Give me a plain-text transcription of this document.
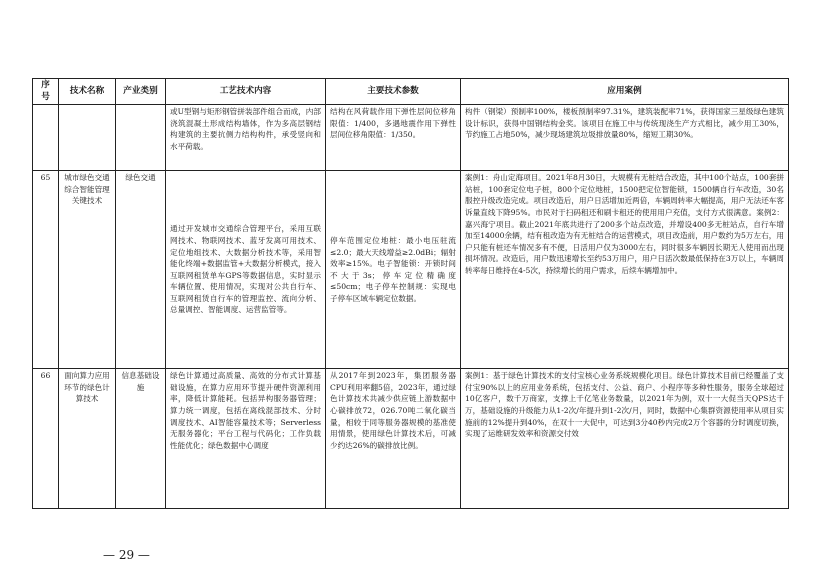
序号	技术名称	产业类别	工艺技术内容	主要技术参数	应用案例
			或U型钢与矩形钢管拼装部件组合而成，内部浇筑混凝土形成结构墙体，作为多高层钢结构建筑的主要抗侧力结构构件，承受竖向和水平荷载。	结构在风荷载作用下弹性层间位移角限值：1/400，多遇地震作用下弹性层间位移角限值：1/350。	构件（钢梁）预制率100%，楼板预制率97.31%，建筑装配率71%，获得国家三星级绿色建筑设计标识，获得中国钢结构金奖。该项目在施工中与传统现浇生产方式相比，减少用工30%，节约施工占地50%，减少现场建筑垃圾排放量80%，缩短工期30%。
65	城市绿色交通综合智能管理关键技术	绿色交通	通过开发城市交通综合管理平台，采用互联网技术、物联网技术、蓝牙发离可用技术、定位地组技术、大数据分析技术等，采用智能化终端+数据监管+大数据分析模式，接入互联网租赁单车GPS等数据信息，实时显示车辆位置、使用情况，实现对公共自行车、互联网租赁自行车的管理监控、流向分析、总量调控、智能调度、运营监管等。	停车范围定位地桩：最小电压驻流≤2.0；最大天线增益≥2.0dBi；辐射效率≥15%。电子智能锁：开锁时间不大于3s；停车定位精确度≤50cm；电子停车控制规：实现电子停车区域车辆定位数据。	案例1：舟山定海项目。2021年8月30日，大规模有无桩结合改造，其中100个站点，100套拼站桩，100套定位电子桩，800个定位地桩，1500把定位智能锁，1500辆自行车改造，30名服控升级改造完成。项目改造后，用户日活增加近两倍，车辆周转率大幅提高，用户无法还车客诉量直线下降95%。市民对于扫码租还和刷卡租还的使用用户充值，支付方式很满意。案例2：嘉兴海宁项目。截止2021年底共进行了200多个站点改造，并增设400多无桩站点，自行车增加至14000余辆，结有租改造为有无桩结合的运营模式，项目改造前，用户数约为5万左右，用户只能有桩还车情况多有不便，日活用户仅为3000左右，同时很多车辆因长期无人使用而出现损坏情况。改造后，用户数迅速增长至约53万用户，用户日活次数最低保持在3万以上，车辆周转率每日维持在4-5次，持续增长的用户需求，后续车辆增加中。
66	面向算力应用环节的绿色计算技术	信息基础设施	绿色计算通过高质量、高效的分布式计算基础设施，在算力应用环节提升硬件资源利用率，降低计算能耗。包括异构服务器管理；算力统一调度，包括在离线混部技术、分时调度技术、AI智能容量技术等；Serverless无服务器化；平台工程与代码化；工作负载性能优化；绿色数据中心调度	从2017年到2023年，集团服务器CPU利用率翻5倍，2023年，通过绿色计算技术共减少供应链上游数据中心碳排放72，026.70吨二氧化碳当量，相较于同等服务器规模的基准使用情景，使用绿色计算技术后，可减少约达26%的碳排放比例。	案例1：基于绿色计算技术的支付宝核心业务系统规模化项目。绿色计算技术目前已经覆盖了支付宝90%以上的应用业务系统，包括支付、公益、商户、小程序等多种性服务，服务全球超过10亿客户，数千万商家，支撑上千亿笔业务数量，以2021年为例，双十一大促当天QPS达千万，基础设施的升级能力从1-2次/年提升到1-2次/月，同时，数据中心集群资源使用率从项目实施前的12%提升到40%，在双十一大促中，可达到3分40秒内完成2万个容器的分时调度切换，实现了运维研发效率和资源交付效
— 29 —
